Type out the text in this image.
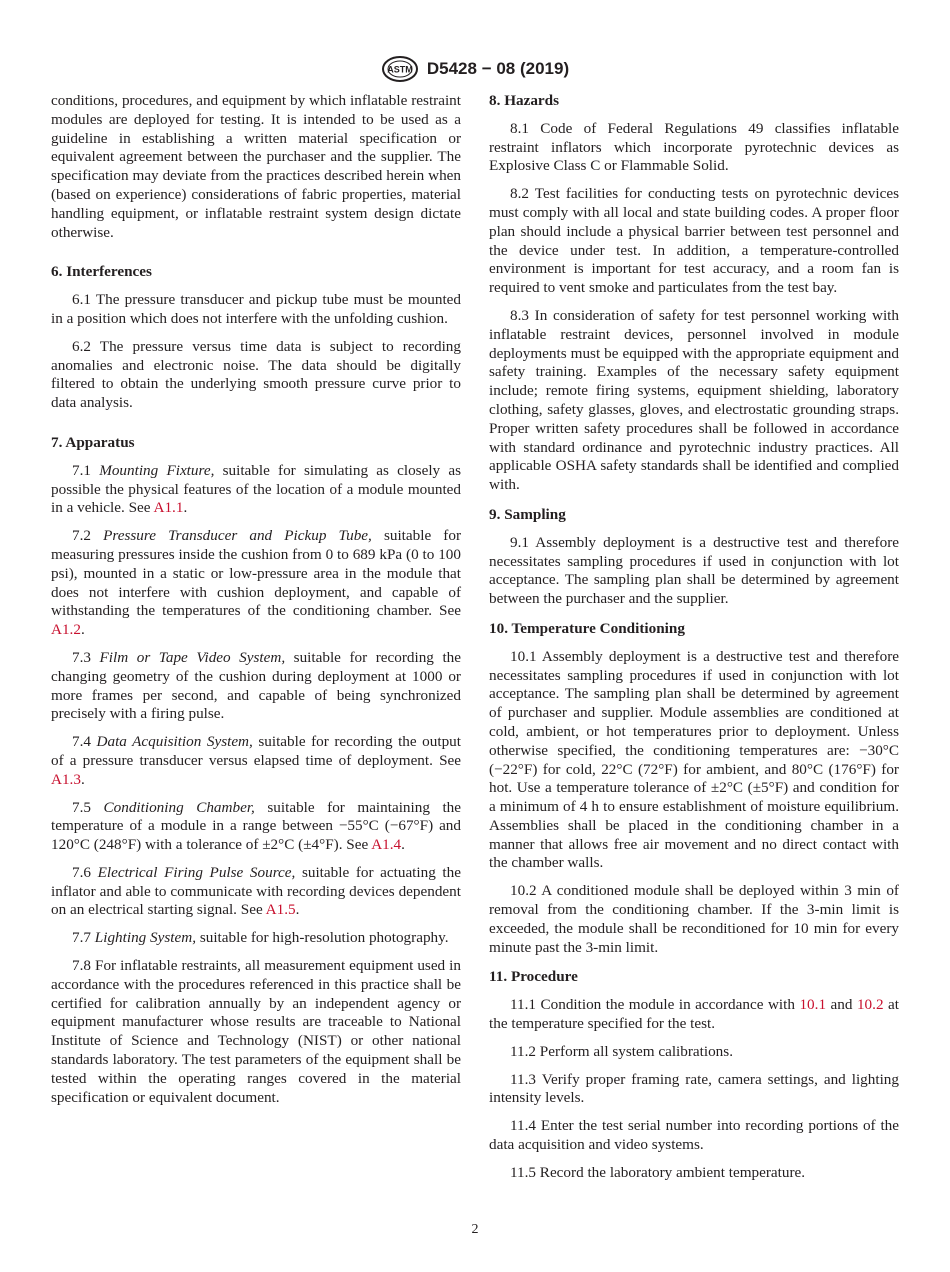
ASTM D5428 − 08 (2019)

conditions, procedures, and equipment by which inflatable restraint modules are deployed for testing. It is intended to be used as a guideline in establishing a written material specification or equivalent agreement between the purchaser and the supplier. The specification may deviate from the practices described herein when (based on experience) considerations of fabric properties, material handling equipment, or inflatable restraint system design dictate otherwise.

6. Interferences

6.1 The pressure transducer and pickup tube must be mounted in a position which does not interfere with the unfolding cushion.

6.2 The pressure versus time data is subject to recording anomalies and electronic noise. The data should be digitally filtered to obtain the underlying smooth pressure curve prior to data analysis.

7. Apparatus

7.1 Mounting Fixture, suitable for simulating as closely as possible the physical features of the location of a module mounted in a vehicle. See A1.1.

7.2 Pressure Transducer and Pickup Tube, suitable for measuring pressures inside the cushion from 0 to 689 kPa (0 to 100 psi), mounted in a static or low-pressure area in the module that does not interfere with cushion deployment, and capable of withstanding the temperatures of the conditioning chamber. See A1.2.

7.3 Film or Tape Video System, suitable for recording the changing geometry of the cushion during deployment at 1000 or more frames per second, and capable of being synchronized precisely with a firing pulse.

7.4 Data Acquisition System, suitable for recording the output of a pressure transducer versus elapsed time of deployment. See A1.3.

7.5 Conditioning Chamber, suitable for maintaining the temperature of a module in a range between −55°C (−67°F) and 120°C (248°F) with a tolerance of ±2°C (±4°F). See A1.4.

7.6 Electrical Firing Pulse Source, suitable for actuating the inflator and able to communicate with recording devices dependent on an electrical starting signal. See A1.5.

7.7 Lighting System, suitable for high-resolution photography.

7.8 For inflatable restraints, all measurement equipment used in accordance with the procedures referenced in this practice shall be certified for calibration annually by an independent agency or equipment manufacturer whose results are traceable to National Institute of Science and Technology (NIST) or other national standards laboratory. The test parameters of the equipment shall be tested within the operating ranges covered in the material specification or equivalent document.

8. Hazards

8.1 Code of Federal Regulations 49 classifies inflatable restraint inflators which incorporate pyrotechnic devices as Explosive Class C or Flammable Solid.

8.2 Test facilities for conducting tests on pyrotechnic devices must comply with all local and state building codes. A proper floor plan should include a physical barrier between test personnel and the device under test. In addition, a temperature-controlled environment is important for test accuracy, and a room fan is required to vent smoke and particulates from the test bay.

8.3 In consideration of safety for test personnel working with inflatable restraint devices, personnel involved in module deployments must be equipped with the appropriate equipment and safety training. Examples of the necessary safety equipment include; remote firing systems, equipment shielding, laboratory clothing, safety glasses, gloves, and electrostatic grounding straps. Proper written safety procedures shall be followed in accordance with standard ordinance and pyrotechnic industry practices. All applicable OSHA safety standards shall be identified and complied with.

9. Sampling

9.1 Assembly deployment is a destructive test and therefore necessitates sampling procedures if used in conjunction with lot acceptance. The sampling plan shall be determined by agreement between the purchaser and the supplier.

10. Temperature Conditioning

10.1 Assembly deployment is a destructive test and therefore necessitates sampling procedures if used in conjunction with lot acceptance. The sampling plan shall be determined by agreement of purchaser and supplier. Module assemblies are conditioned at cold, ambient, or hot temperatures prior to deployment. Unless otherwise specified, the conditioning temperatures are: −30°C (−22°F) for cold, 22°C (72°F) for ambient, and 80°C (176°F) for hot. Use a temperature tolerance of ±2°C (±5°F) and condition for a minimum of 4 h to ensure establishment of moisture equilibrium. Assemblies shall be placed in the conditioning chamber in a manner that allows free air movement and no direct contact with the chamber walls.

10.2 A conditioned module shall be deployed within 3 min of removal from the conditioning chamber. If the 3-min limit is exceeded, the module shall be reconditioned for 10 min for every minute past the 3-min limit.

11. Procedure

11.1 Condition the module in accordance with 10.1 and 10.2 at the temperature specified for the test.

11.2 Perform all system calibrations.

11.3 Verify proper framing rate, camera settings, and lighting intensity levels.

11.4 Enter the test serial number into recording portions of the data acquisition and video systems.

11.5 Record the laboratory ambient temperature.

2
